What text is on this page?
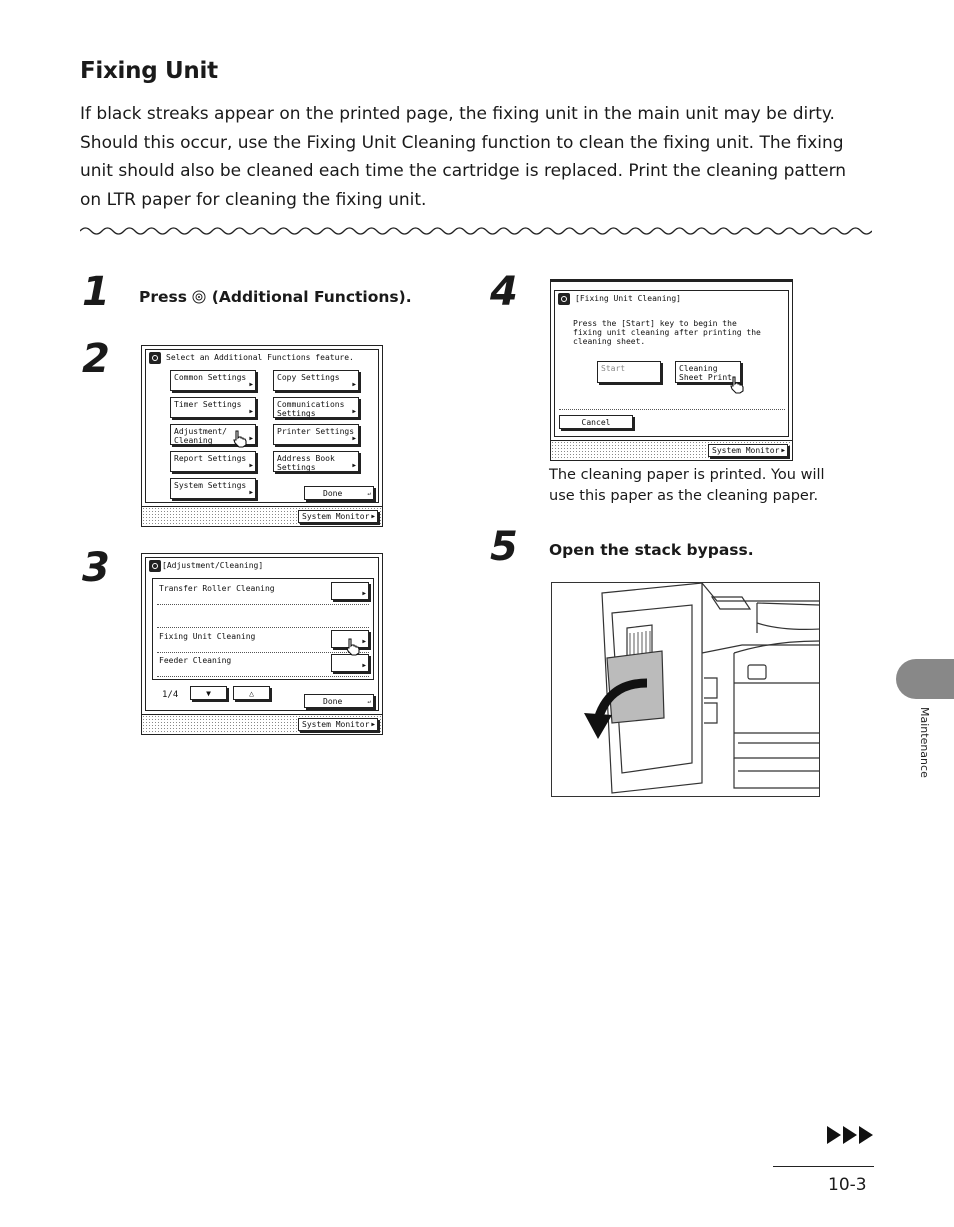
Fixing Unit

If black streaks appear on the printed page, the fixing unit in the main unit may be dirty. Should this occur, use the Fixing Unit Cleaning function to clean the fixing unit. The fixing unit should also be cleaned each time the cartridge is replaced. Print the cleaning pattern on LTR paper for cleaning the fixing unit.

1 Press (Additional Functions).
2	Select an Additional Functions feature.
Common Settings
▶
Copy Settings
▶
Timer Settings
▶
Communications
Settings	▶
Adjustment/
Cleaning	▶
Printer Settings
▶
Report Settings
▶
Address Book
Settings	▶
System Settings
▶	Done	↵
System Monitor ▶
3	[Adjustment/Cleaning]
Transfer Roller Cleaning
▶
Fixing Unit Cleaning
▶
Feeder Cleaning
▶
1/4	▼	△
Done	↵
System Monitor ▶
4	[Fixing Unit Cleaning]
Press the [Start] key to begin the fixing unit cleaning after printing the cleaning sheet.
Start	Cleaning
Sheet Print
Cancel
System Monitor ▶
The cleaning paper is printed. You will use this paper as the cleaning paper.
5 Open the stack bypass.
Maintenance
10-3
